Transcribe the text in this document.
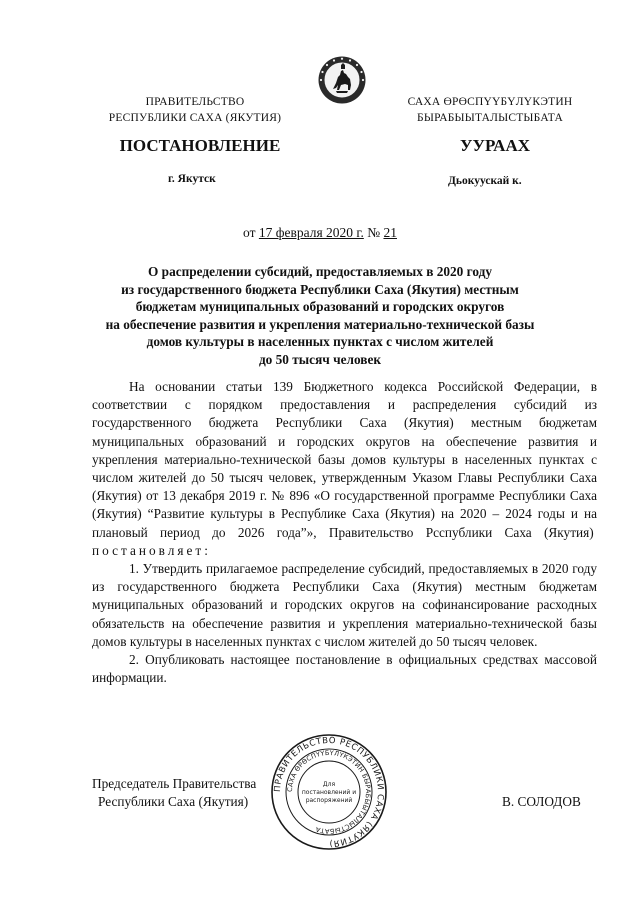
ПРАВИТЕЛЬСТВО
РЕСПУБЛИКИ САХА (ЯКУТИЯ)
САХА ӨРӨСПҮҮБҮЛҮКЭТИН
БЫРАБЫЫТАЛЫСТЫБАТА
ПОСТАНОВЛЕНИЕ	УУРААХ
г. Якутск	Дьокуускай к.
от 17 февраля 2020 г. № 21
О распределении субсидий, предоставляемых в 2020 году
из государственного бюджета Республики Саха (Якутия) местным
бюджетам муниципальных образований и городских округов
на обеспечение развития и укрепления материально-технической базы
домов культуры в населенных пунктах с числом жителей
до 50 тысяч человек

На основании статьи 139 Бюджетного кодекса Российской Федерации, в соответствии с порядком предоставления и распределения субсидий из государственного бюджета Республики Саха (Якутия) местным бюджетам муниципальных образований и городских округов на обеспечение развития и укрепления материально-технической базы домов культуры в населенных пунктах с числом жителей до 50 тысяч человек, утвержденным Указом Главы Республики Саха (Якутия) от 13 декабря 2019 г. № 896 «О государственной программе Республики Саха (Якутия) “Развитие культуры в Республике Саха (Якутия) на 2020 – 2024 годы и на плановый период до 2026 года”», Правительство Рсспублики Саха (Якутия)  постановляет:

1. Утвердить прилагаемое распределение субсидий, предоставляемых в 2020 году из государственного бюджета Республики Саха (Якутия) местным бюджетам муниципальных образований и городских округов на софинансирование расходных обязательств на обеспечение развития и укрепления материально-технической базы домов культуры в населенных пунктах с числом жителей до 50 тысяч человек.

2. Опубликовать настоящее постановление в официальных средствах массовой информации.

Председатель Правительства
Республики Саха (Якутия)	В. СОЛОДОВ
ПРАВИТЕЛЬСТВО РЕСПУБЛИКИ САХА (ЯКУТИЯ)
САХА ӨРӨСПҮҮБҮЛҮКЭТИН БЫРАБЫЫТАЛЫСТЫБАТА
Для
постановлений и
распоряжений
